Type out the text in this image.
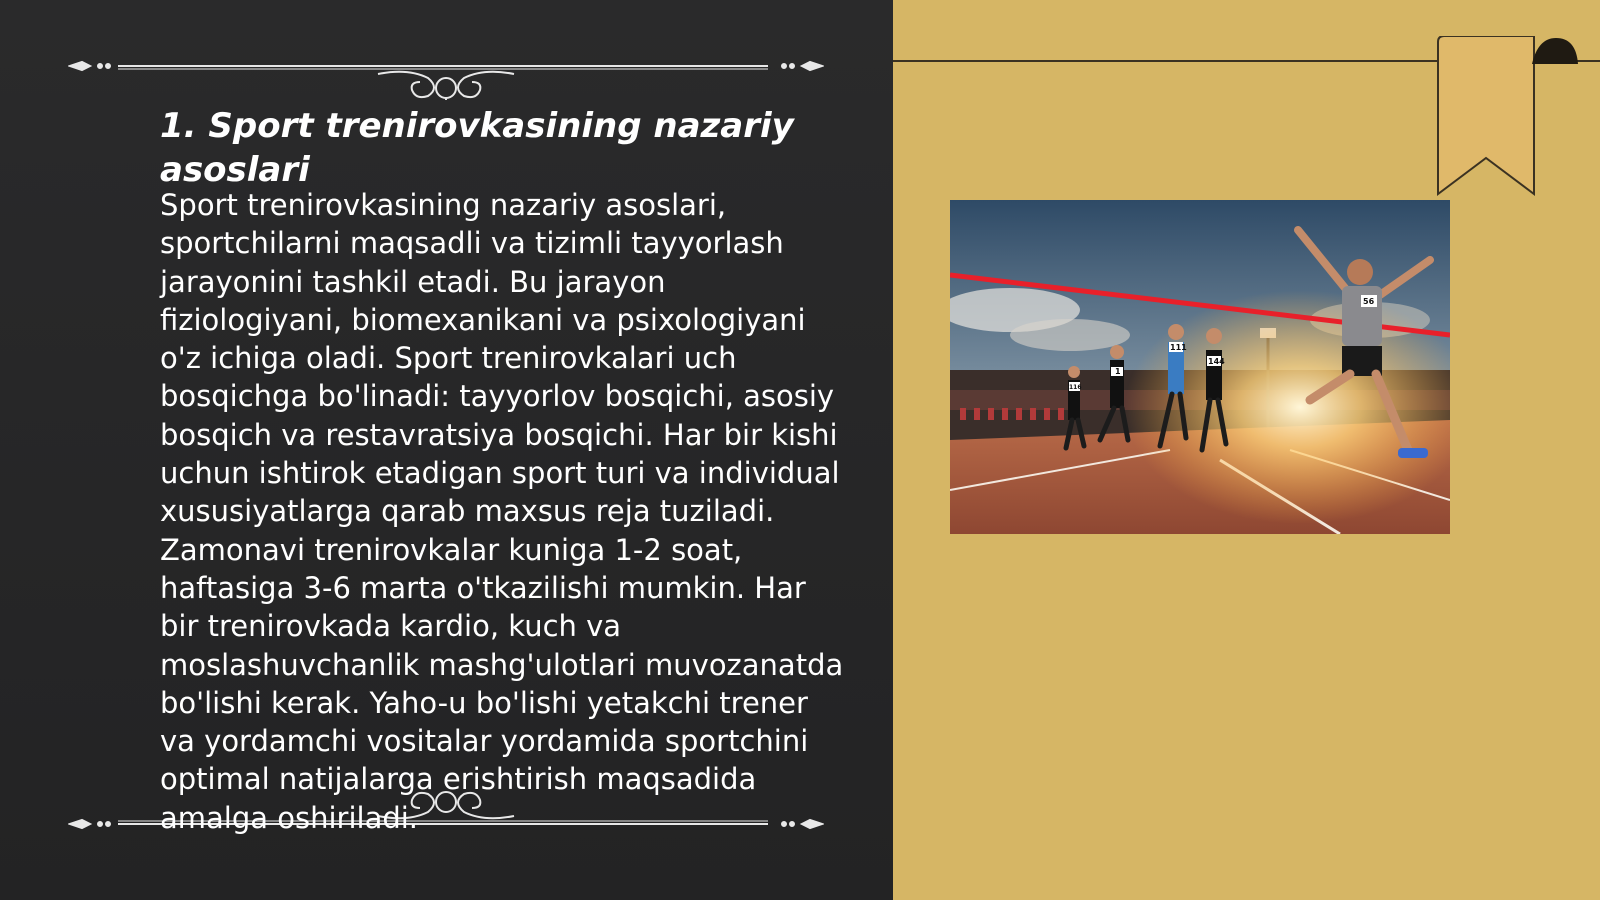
1. Sport trenirovkasining nazariy asoslari

Sport trenirovkasining nazariy asoslari, sportchilarni maqsadli va tizimli tayyorlash jarayonini tashkil etadi. Bu jarayon fiziologiyani, biomexanikani va psixologiyani o'z ichiga oladi. Sport trenirovkalari uch bosqichga bo'linadi: tayyorlov bosqichi, asosiy bosqich va restavratsiya bosqichi. Har bir kishi uchun ishtirok etadigan sport turi va individual xususiyatlarga qarab maxsus reja tuziladi. Zamonavi trenirovkalar kuniga 1-2 soat, haftasiga 3-6 marta o'tkazilishi mumkin. Har bir trenirovkada kardio, kuch va moslashuvchanlik mashg'ulotlari muvozanatda bo'lishi kerak. Yaho-u bo'lishi yetakchi trener va yordamchi vositalar yordamida sportchini optimal natijalarga erishtirish maqsadida amalga oshiriladi.

56
111
1
144
116
